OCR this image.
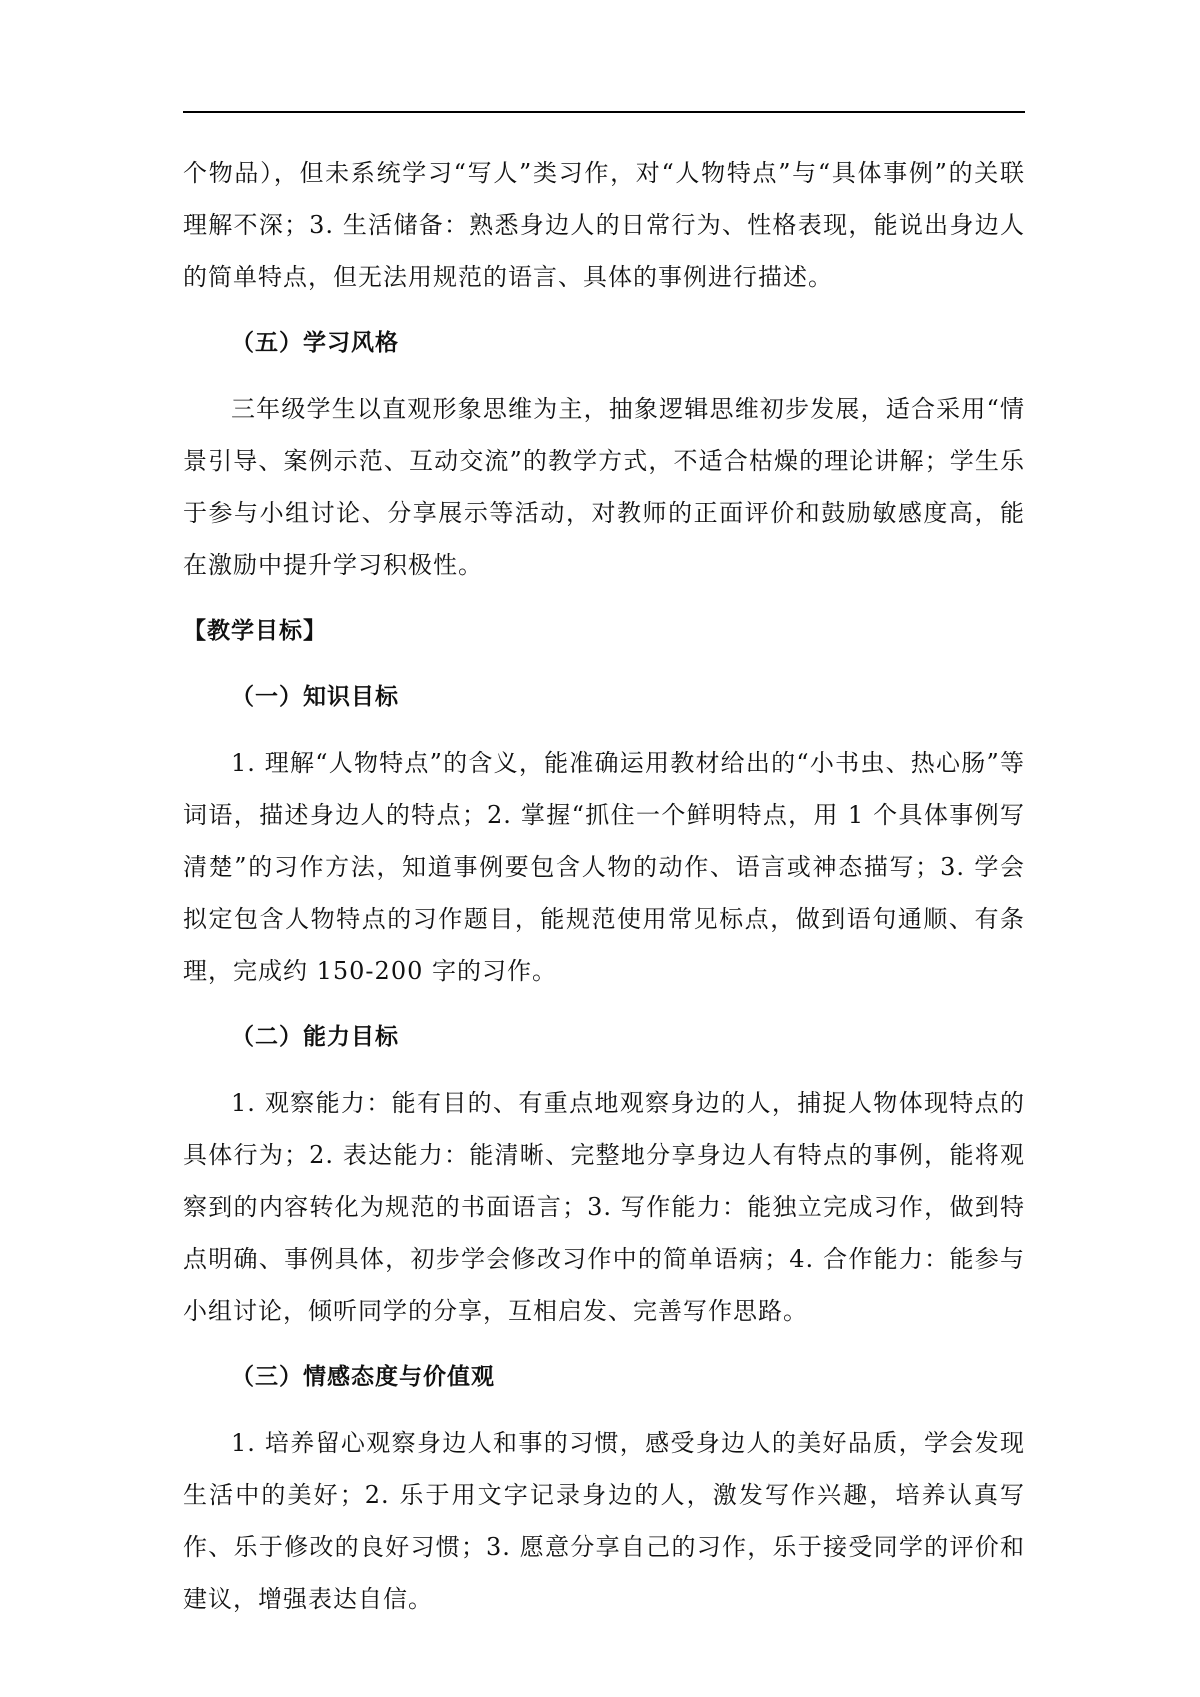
个物品），但未系统学习“写人”类习作，对“人物特点”与“具体事例”的关联理解不深；3. 生活储备：熟悉身边人的日常行为、性格表现，能说出身边人的简单特点，但无法用规范的语言、具体的事例进行描述。

（五）学习风格

三年级学生以直观形象思维为主，抽象逻辑思维初步发展，适合采用“情景引导、案例示范、互动交流”的教学方式，不适合枯燥的理论讲解；学生乐于参与小组讨论、分享展示等活动，对教师的正面评价和鼓励敏感度高，能在激励中提升学习积极性。

【教学目标】

（一）知识目标

1. 理解“人物特点”的含义，能准确运用教材给出的“小书虫、热心肠”等词语，描述身边人的特点；2. 掌握“抓住一个鲜明特点，用 1 个具体事例写清楚”的习作方法，知道事例要包含人物的动作、语言或神态描写；3. 学会拟定包含人物特点的习作题目，能规范使用常见标点，做到语句通顺、有条理，完成约 150-200 字的习作。

（二）能力目标

1. 观察能力：能有目的、有重点地观察身边的人，捕捉人物体现特点的具体行为；2. 表达能力：能清晰、完整地分享身边人有特点的事例，能将观察到的内容转化为规范的书面语言；3. 写作能力：能独立完成习作，做到特点明确、事例具体，初步学会修改习作中的简单语病；4. 合作能力：能参与小组讨论，倾听同学的分享，互相启发、完善写作思路。

（三）情感态度与价值观

1. 培养留心观察身边人和事的习惯，感受身边人的美好品质，学会发现生活中的美好；2. 乐于用文字记录身边的人，激发写作兴趣，培养认真写作、乐于修改的良好习惯；3. 愿意分享自己的习作，乐于接受同学的评价和建议，增强表达自信。
